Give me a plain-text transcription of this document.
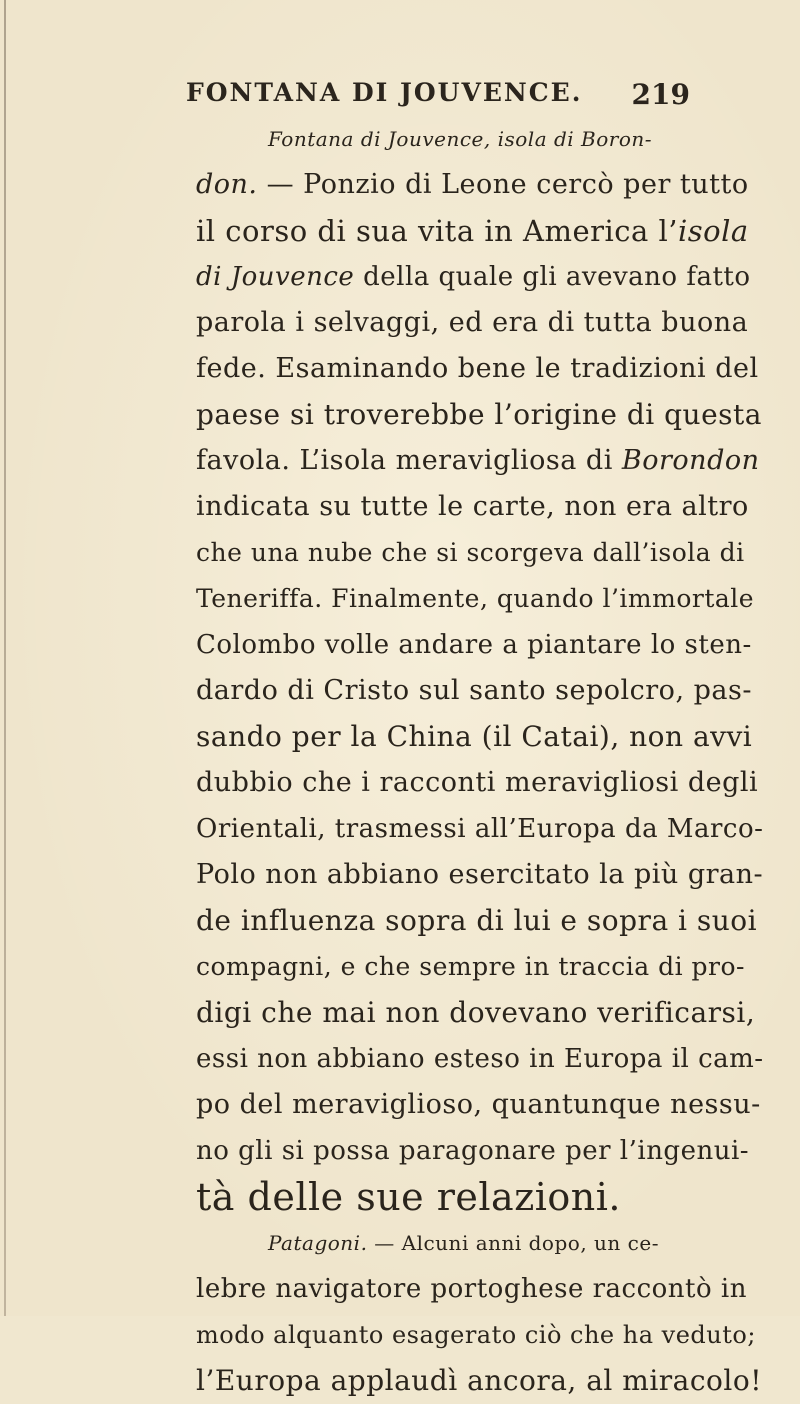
FONTANA DI JOUVENCE. 219
Fontana di Jouvence, isola di Boron-
don. — Ponzio di Leone cercò per tutto
il corso di sua vita in America l’isola
di Jouvence della quale gli avevano fatto
parola i selvaggi, ed era di tutta buona
fede. Esaminando bene le tradizioni del
paese si troverebbe l’origine di questa
favola. L’isola meravigliosa di Borondon
indicata su tutte le carte, non era altro
che una nube che si scorgeva dall’isola di
Teneriffa. Finalmente, quando l’immortale
Colombo volle andare a piantare lo sten-
dardo di Cristo sul santo sepolcro, pas-
sando per la China (il Catai), non avvi
dubbio che i racconti meravigliosi degli
Orientali, trasmessi all’Europa da Marco-
Polo non abbiano esercitato la più gran-
de influenza sopra di lui e sopra i suoi
compagni, e che sempre in traccia di pro-
digi che mai non dovevano verificarsi,
essi non abbiano esteso in Europa il cam-
po del meraviglioso, quantunque nessu-
no gli si possa paragonare per l’ingenui-
tà delle sue relazioni.
Patagoni. — Alcuni anni dopo, un ce-
lebre navigatore portoghese raccontò in
modo alquanto esagerato ciò che ha veduto;
l’Europa applaudì ancora, al miracolo!
